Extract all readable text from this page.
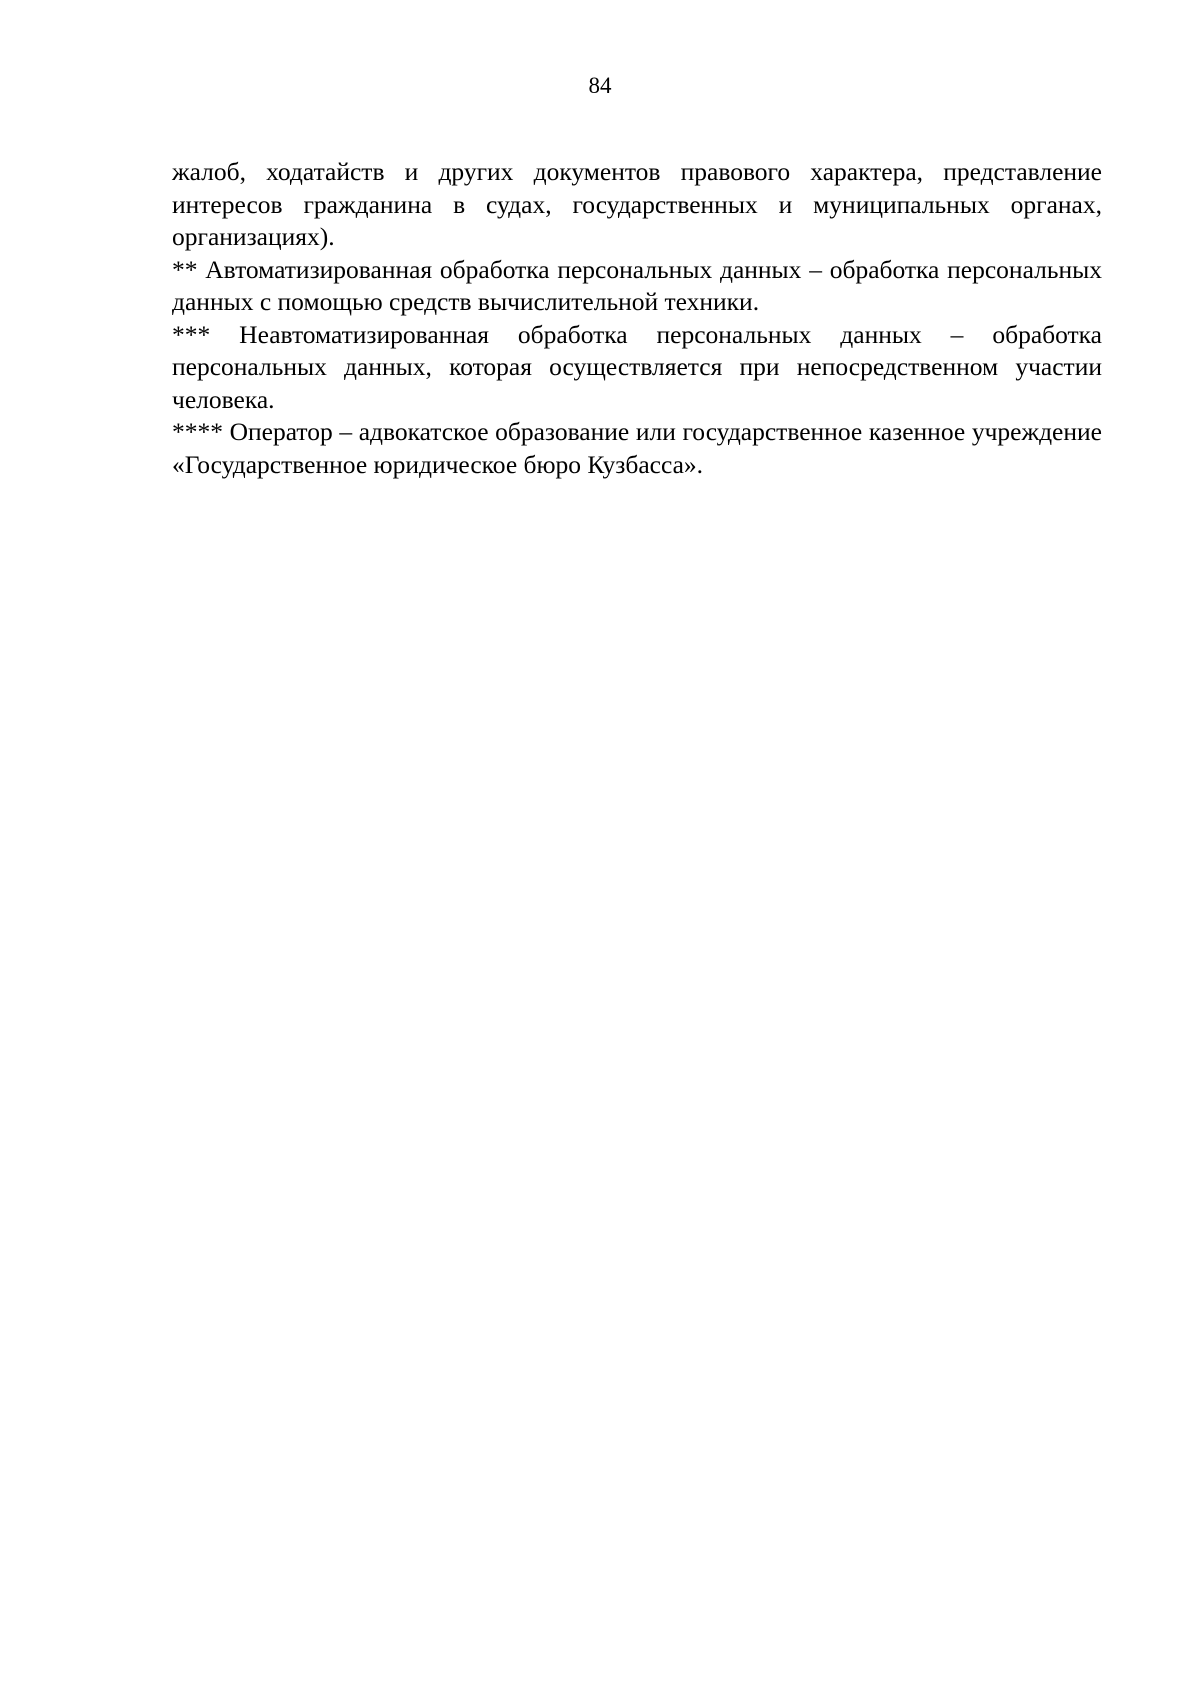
84

жалоб, ходатайств и других документов правового характера, представление интересов гражданина в судах, государственных и муниципальных органах, организациях).

** Автоматизированная обработка персональных данных – обработка персональных данных с помощью средств вычислительной техники.

*** Неавтоматизированная обработка персональных данных – обработка персональных данных, которая осуществляется при непосредственном участии человека.

**** Оператор – адвокатское образование или государственное казенное учреждение «Государственное юридическое бюро Кузбасса».
